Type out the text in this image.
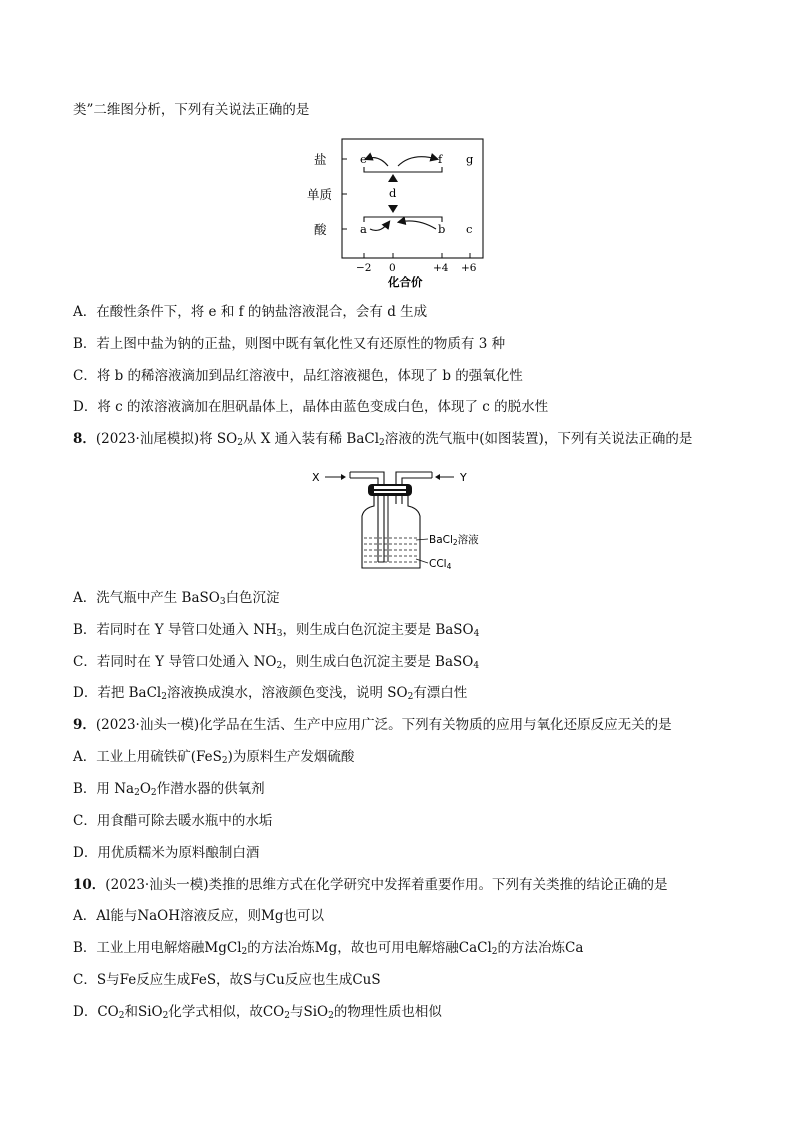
类”二维图分析，下列有关说法正确的是
盐
单质
酸
−2 0	+4 +6
化合价
e	f g
d
a	b c
A．在酸性条件下，将 e 和 f 的钠盐溶液混合，会有 d 生成
B．若上图中盐为钠的正盐，则图中既有氧化性又有还原性的物质有 3 种
C．将 b 的稀溶液滴加到品红溶液中，品红溶液褪色，体现了 b 的强氧化性
D．将 c 的浓溶液滴加在胆矾晶体上，晶体由蓝色变成白色，体现了 c 的脱水性
8．(2023·汕尾模拟)将 $SO_2$从 X 通入装有稀 BaCl$_2$溶液的洗气瓶中(如图装置)，下列有关说法正确的是
X	Y
BaCl2溶液
CCl4
A．洗气瓶中产生 BaSO$_3$白色沉淀
B．若同时在 Y 导管口处通入 $NH_3$，则生成白色沉淀主要是 BaSO$_4$
C．若同时在 Y 导管口处通入 $NO_2$，则生成白色沉淀主要是 BaSO$_4$
D．若把 BaCl$_2$溶液换成溴水，溶液颜色变浅，说明 $SO_2$有漂白性
9．(2023·汕头一模)化学品在生活、生产中应用广泛。下列有关物质的应用与氧化还原反应无关的是
A．工业上用硫铁矿(FeS$_2$)为原料生产发烟硫酸
B．用 $Na_2O_2$作潜水器的供氧剂
C．用食醋可除去暖水瓶中的水垢
D．用优质糯米为原料酿制白酒
10．(2023·汕头一模)类推的思维方式在化学研究中发挥着重要作用。下列有关类推的结论正确的是
A．Al能与NaOH溶液反应，则Mg也可以
B．工业上用电解熔融MgCl$_2$的方法冶炼Mg，故也可用电解熔融CaCl$_2$的方法冶炼Ca
C．S与Fe反应生成FeS，故S与Cu反应也生成CuS
D．$CO_2$和SiO$_2$化学式相似，故$CO_2$与SiO$_2$的物理性质也相似
